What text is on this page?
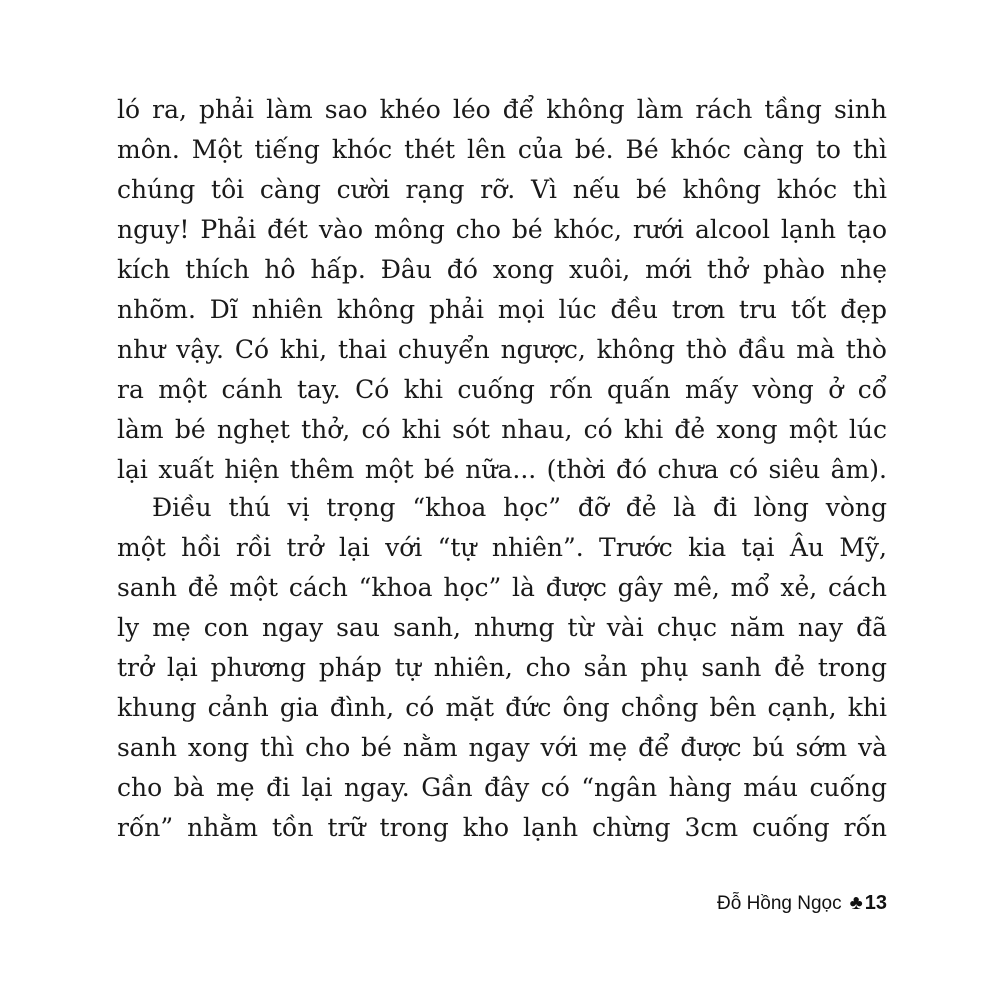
ló ra, phải làm sao khéo léo để không làm rách tầng sinh
môn. Một tiếng khóc thét lên của bé. Bé khóc càng to thì
chúng tôi càng cười rạng rỡ. Vì nếu bé không khóc thì
nguy! Phải đét vào mông cho bé khóc, rưới alcool lạnh tạo
kích thích hô hấp. Đâu đó xong xuôi, mới thở phào nhẹ
nhõm. Dĩ nhiên không phải mọi lúc đều trơn tru tốt đẹp
như vậy. Có khi, thai chuyển ngược, không thò đầu mà thò
ra một cánh tay. Có khi cuống rốn quấn mấy vòng ở cổ
làm bé nghẹt thở, có khi sót nhau, có khi đẻ xong một lúc
lại xuất hiện thêm một bé nữa... (thời đó chưa có siêu âm).
Điều thú vị trọng “khoa học” đỡ đẻ là đi lòng vòng
một hồi rồi trở lại với “tự nhiên”. Trước kia tại Âu Mỹ,
sanh đẻ một cách “khoa học” là được gây mê, mổ xẻ, cách
ly mẹ con ngay sau sanh, nhưng từ vài chục năm nay đã
trở lại phương pháp tự nhiên, cho sản phụ sanh đẻ trong
khung cảnh gia đình, có mặt đức ông chồng bên cạnh, khi
sanh xong thì cho bé nằm ngay với mẹ để được bú sớm và
cho bà mẹ đi lại ngay. Gần đây có “ngân hàng máu cuống
rốn” nhằm tồn trữ trong kho lạnh chừng 3cm cuống rốn
Đỗ Hồng Ngọc ♣ 13
